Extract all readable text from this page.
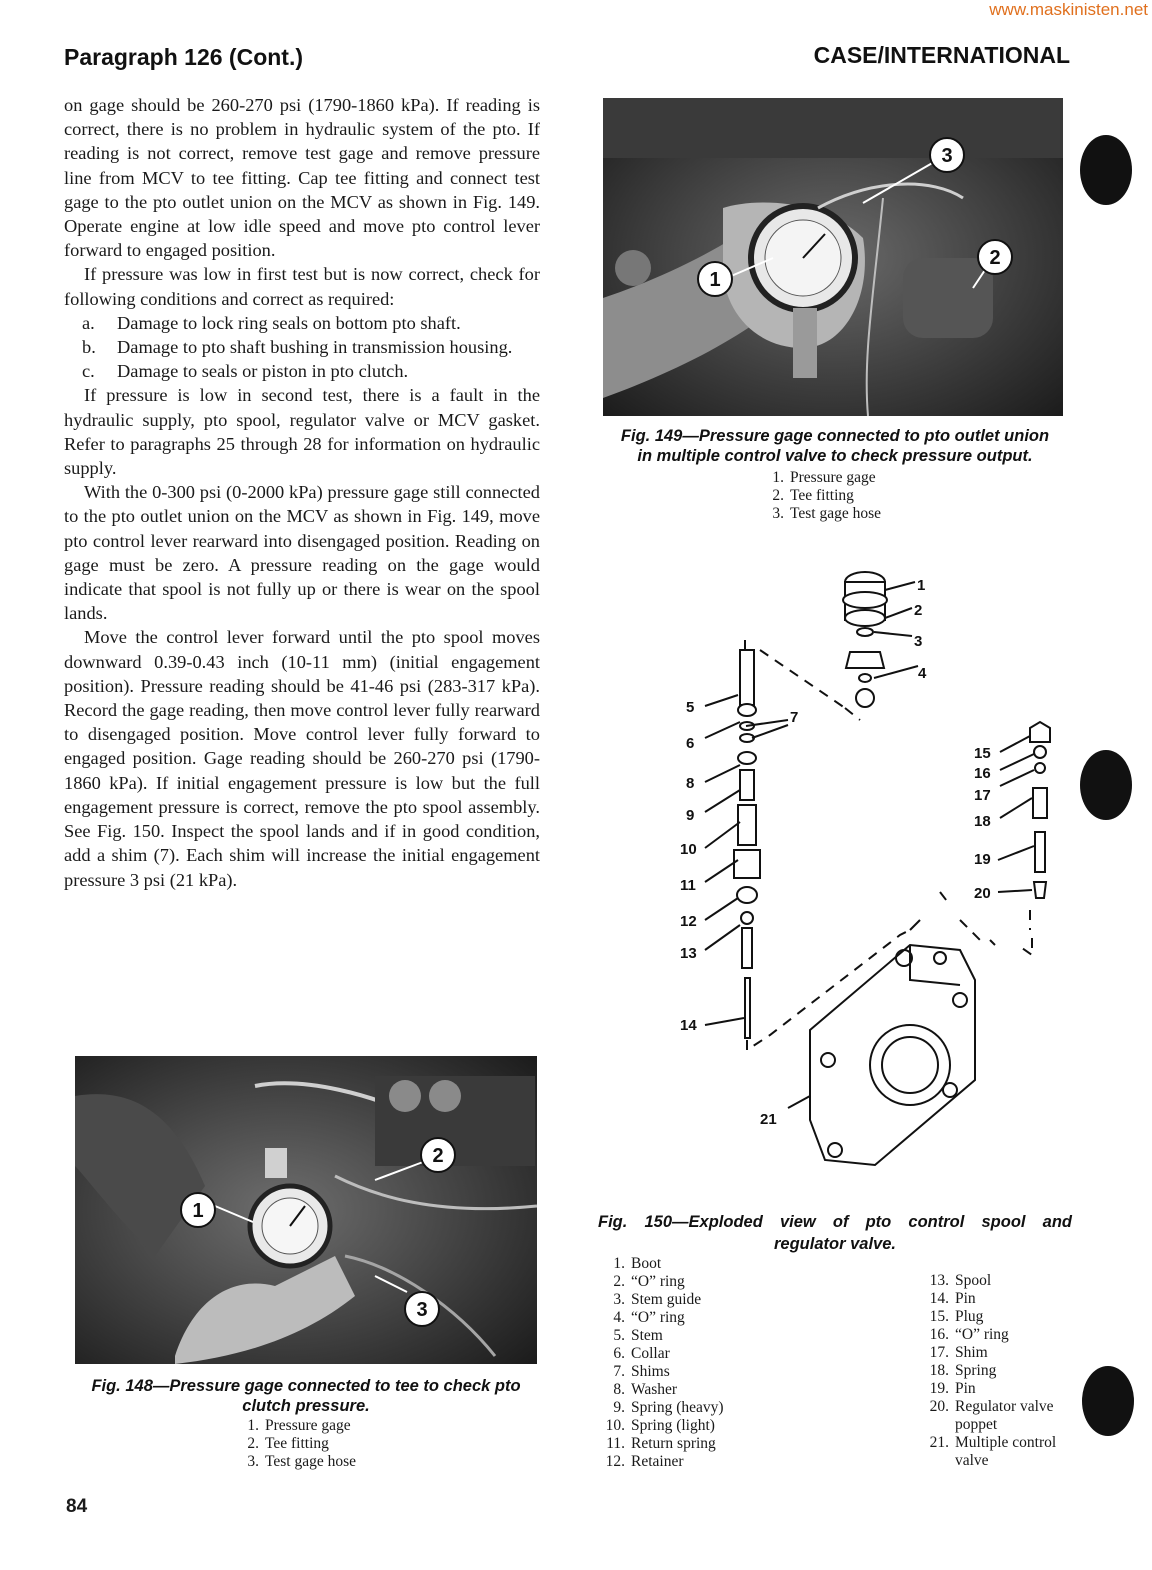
www.maskinisten.net
Paragraph 126 (Cont.)	CASE/INTERNATIONAL

on gage should be 260-270 psi (1790-1860 kPa). If reading is correct, there is no problem in hydraulic system of the pto. If reading is not correct, remove test gage and remove pressure line from MCV to tee fitting. Cap tee fitting and connect test gage to the pto outlet union on the MCV as shown in Fig. 149. Operate engine at low idle speed and move pto control lever forward to engaged position.

If pressure was low in first test but is now correct, check for following conditions and correct as required:

a. Damage to lock ring seals on bottom pto shaft.
b. Damage to pto shaft bushing in transmission housing.
c. Damage to seals or piston in pto clutch.

If pressure is low in second test, there is a fault in the hydraulic supply, pto spool, regulator valve or MCV gasket. Refer to paragraphs 25 through 28 for information on hydraulic supply.

With the 0-300 psi (0-2000 kPa) pressure gage still connected to the pto outlet union on the MCV as shown in Fig. 149, move pto control lever rearward into disengaged position. Reading on gage must be zero. A pressure reading on the gage would indicate that spool is not fully up or there is wear on the spool lands.

Move the control lever forward until the pto spool moves downward 0.39-0.43 inch (10-11 mm) (initial engagement position). Pressure reading should be 41-46 psi (283-317 kPa). Record the gage reading, then move control lever fully rearward to disengaged position. Move control lever fully forward to engaged position. Gage reading should be 260-270 psi (1790-1860 kPa). If initial engagement pressure is low but the full engagement pressure is correct, remove the pto spool assembly. See Fig. 150. Inspect the spool lands and if in good condition, add a shim (7). Each shim will increase the initial engagement pressure 3 psi (21 kPa).

3
2
1
Fig. 149—Pressure gage connected to pto outlet union
in multiple control valve to check pressure output.
1. Pressure gage
2. Tee fitting
3. Test gage hose
1
2
3
4
5
6
7
8
9
10
11
12
13
14
15
16
17
18
19
20
21
Fig. 150—Exploded view of pto control spool and
regulator valve.
1. Boot
2. “O” ring
3. Stem guide
4. “O” ring
5. Stem
6. Collar
7. Shims
8. Washer
9. Spring (heavy)
10. Spring (light)
11. Return spring
12. Retainer
13. Spool
14. Pin
15. Plug
16. “O” ring
17. Shim
18. Spring
19. Pin
20. Regulator valve
poppet
21. Multiple control
valve
1
2
3
Fig. 148—Pressure gage connected to tee to check pto
clutch pressure.
1. Pressure gage
2. Tee fitting
3. Test gage hose
84
